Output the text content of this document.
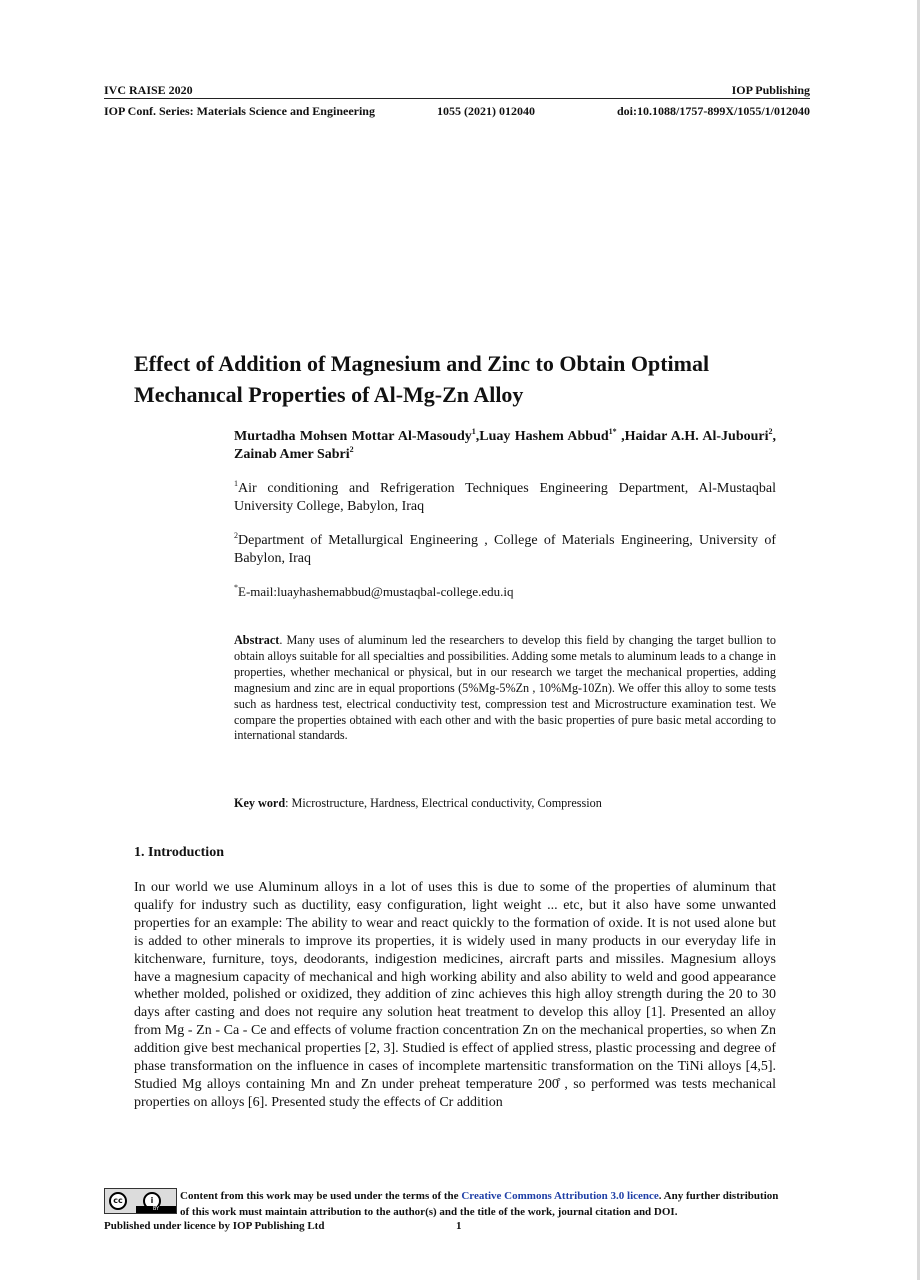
IVC RAISE 2020	IOP Publishing
IOP Conf. Series: Materials Science and Engineering	1055 (2021) 012040	doi:10.1088/1757-899X/1055/1/012040
Effect of Addition of Magnesium and Zinc to Obtain Optimal
Mechanıcal Properties of Al-Mg-Zn Alloy
Murtadha Mohsen Mottar Al-Masoudy$^1$,Luay Hashem Abbud$^{1*}$ ,Haidar A.H. Al-Jubouri$^2$, Zainab Amer Sabri$^2$
$^1$Air conditioning and Refrigeration Techniques Engineering Department, Al-Mustaqbal University College, Babylon, Iraq
$^2$Department of Metallurgical Engineering , College of Materials Engineering, University of Babylon, Iraq
*E-mail:luayhashemabbud@mustaqbal-college.edu.iq

Abstract. Many uses of aluminum led the researchers to develop this field by changing the target bullion to obtain alloys suitable for all specialties and possibilities. Adding some metals to aluminum leads to a change in properties, whether mechanical or physical, but in our research we target the mechanical properties, adding magnesium and zinc are in equal proportions (5%Mg-5%Zn , 10%Mg-10Zn). We offer this alloy to some tests such as hardness test, electrical conductivity test, compression test and Microstructure examination test. We compare the properties obtained with each other and with the basic properties of pure basic metal according to international standards.

Key word: Microstructure, Hardness, Electrical conductivity, Compression
1. Introduction

In our world we use Aluminum alloys in a lot of uses this is due to some of the properties of aluminum that qualify for industry such as ductility, easy configuration, light weight ... etc, but it also have some unwanted properties for an example: The ability to wear and react quickly to the formation of oxide. It is not used alone but is added to other minerals to improve its properties, it is widely used in many products in our everyday life in kitchenware, furniture, toys, deodorants, indigestion medicines, aircraft parts and missiles. Magnesium alloys have a magnesium capacity of mechanical and high working ability and also ability to weld and good appearance whether molded, polished or oxidized, they addition of zinc achieves this high alloy strength during the 20 to 30 days after casting and does not require any solution heat treatment to develop this alloy [1]. Presented an alloy from Mg - Zn - Ca - Ce and effects of volume fraction concentration Zn on the mechanical properties, so when Zn addition give best mechanical properties [2, 3]. Studied is effect of applied stress, plastic processing and degree of phase transformation on the influence in cases of incomplete martensitic transformation on the TiNi alloys [4,5]. Studied Mg alloys containing Mn and Zn under preheat temperature 200̊ , so performed was tests mechanical properties on alloys [6]. Presented study the effects of Cr addition

cc	i
BY
Content from this work may be used under the terms of the Creative Commons Attribution 3.0 licence. Any further distribution
of this work must maintain attribution to the author(s) and the title of the work, journal citation and DOI.
Published under licence by IOP Publishing Ltd	1
